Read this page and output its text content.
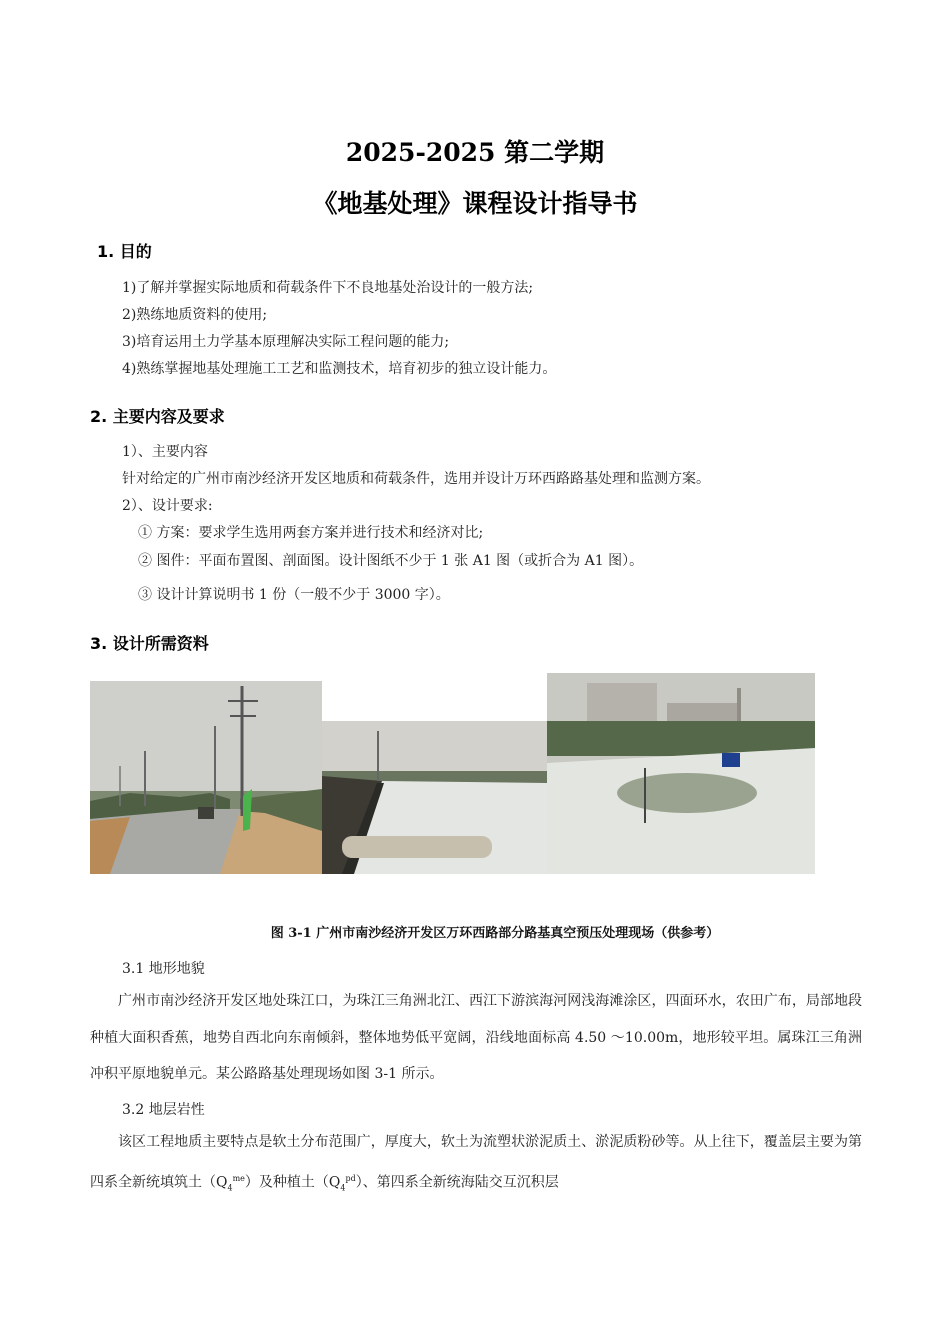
2025-2025 第二学期
《地基处理》课程设计指导书
1. 目的
1)了解并掌握实际地质和荷载条件下不良地基处治设计的一般方法;
2)熟练地质资料的使用;
3)培育运用土力学基本原理解决实际工程问题的能力;
4)熟练掌握地基处理施工工艺和监测技术，培育初步的独立设计能力。
2. 主要内容及要求
1）、主要内容
针对给定的广州市南沙经济开发区地质和荷载条件，选用并设计万环西路路基处理和监测方案。
2）、设计要求:
① 方案：要求学生选用两套方案并进行技术和经济对比;
② 图件：平面布置图、剖面图。设计图纸不少于 1 张 A1 图（或折合为 A1 图）。
③ 设计计算说明书 1 份（一般不少于 3000 字）。
3. 设计所需资料
图 3-1 广州市南沙经济开发区万环西路部分路基真空预压处理现场（供参考）
3.1 地形地貌
广州市南沙经济开发区地处珠江口，为珠江三角洲北江、西江下游滨海河网浅海滩涂区，四面环水，农田广布，局部地段种植大面积香蕉，地势自西北向东南倾斜，整体地势低平宽阔，沿线地面标高 4.50 ～10.00m，地形较平坦。属珠江三角洲冲积平原地貌单元。某公路路基处理现场如图 3-1 所示。
3.2 地层岩性
该区工程地质主要特点是软土分布范围广，厚度大，软土为流塑状淤泥质土、淤泥质粉砂等。从上往下，覆盖层主要为第四系全新统填筑土$(Q_4^{me})$及种植土$(Q_4^{pd})$、第四系全新统海陆交互沉积层
